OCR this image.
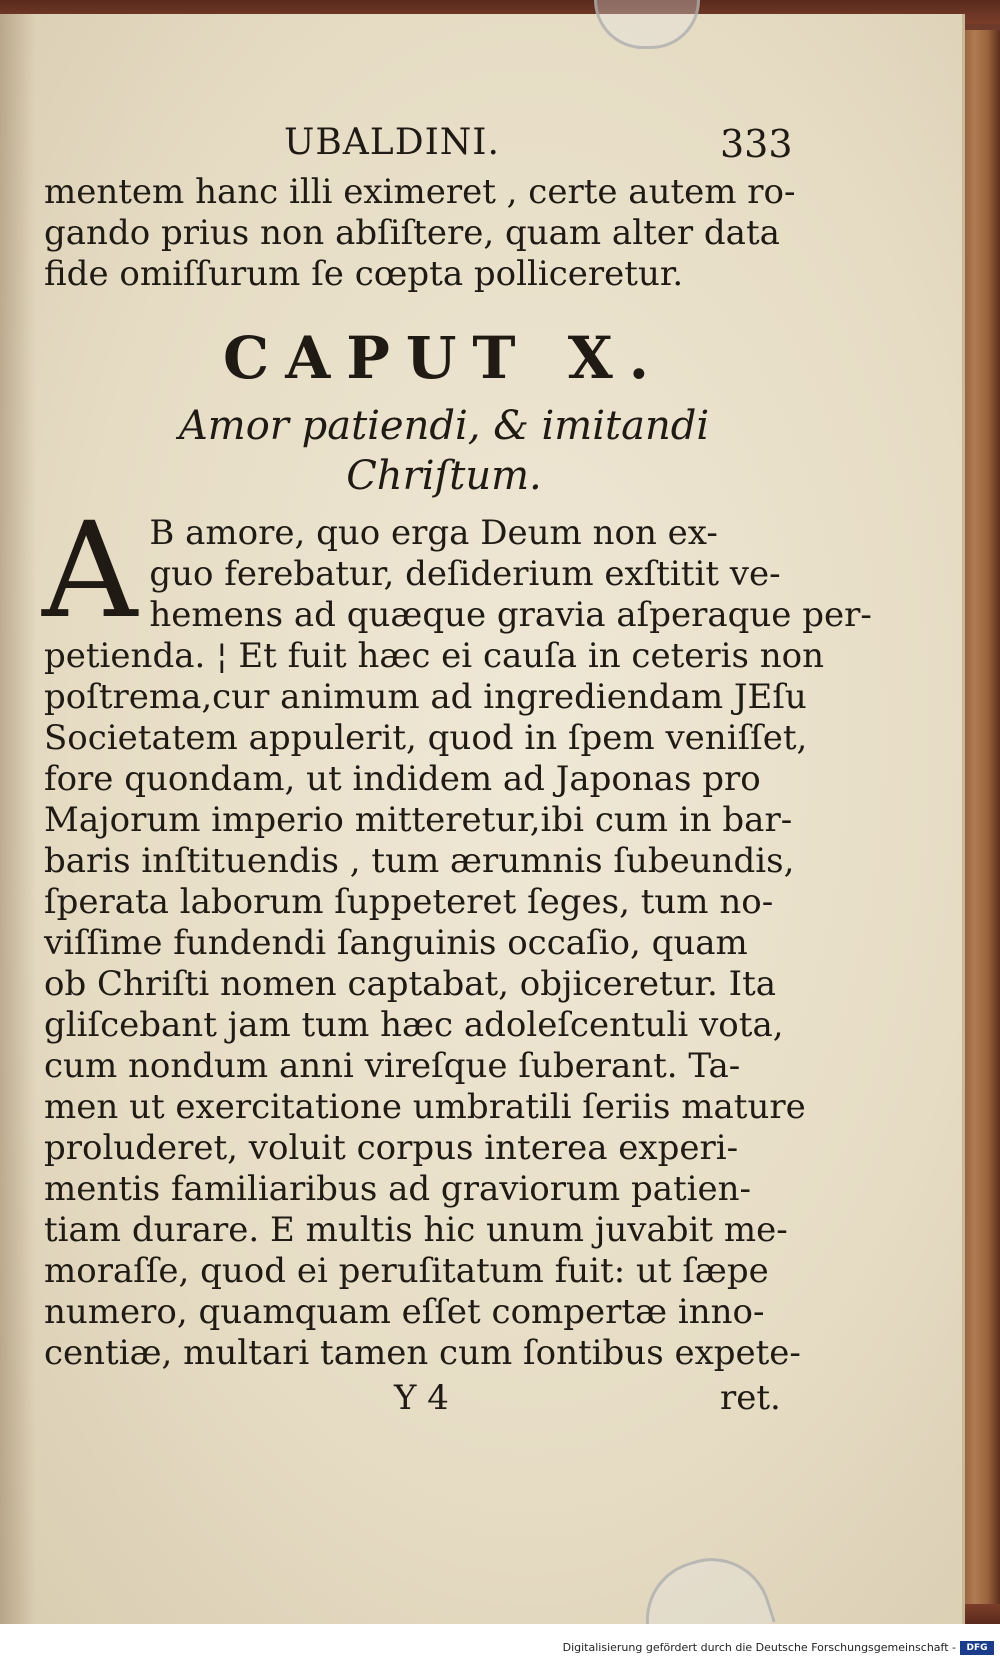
UBALDINI.	333

mentem hanc illi eximeret , certe autem ro-
gando prius non abſiſtere, quam alter data
fide omiſſurum ſe cœpta polliceretur.

CAPUT X.
Amor patiendi, & imitandi
Chriſtum.

A B amore, quo erga Deum non ex-
guo ferebatur, deſiderium exſtitit ve-
hemens ad quæque gravia aſperaque per-
petienda. ¦ Et fuit hæc ei cauſa in ceteris non
poſtrema,cur animum ad ingrediendam JEſu
Societatem appulerit, quod in ſpem veniſſet,
fore quondam, ut indidem ad Japonas pro
Majorum imperio mitteretur,ibi cum in bar-
baris inſtituendis , tum ærumnis ſubeundis,
ſperata laborum ſuppeteret ſeges, tum no-
viſſime fundendi ſanguinis occaſio, quam
ob Chriſti nomen captabat, objiceretur. Ita
gliſcebant jam tum hæc adoleſcentuli vota,
cum nondum anni vireſque ſuberant. Ta-
men ut exercitatione umbratili ſeriis mature
proluderet, voluit corpus interea experi-
mentis familiaribus ad graviorum patien-
tiam durare. E multis hic unum juvabit me-
moraſſe, quod ei peruſitatum fuit: ut ſæpe
numero, quamquam eſſet compertæ inno-
centiæ, multari tamen cum ſontibus expete-

Y 4	ret.
Digitalisierung gefördert durch die Deutsche Forschungsgemeinschaft -	DFG
